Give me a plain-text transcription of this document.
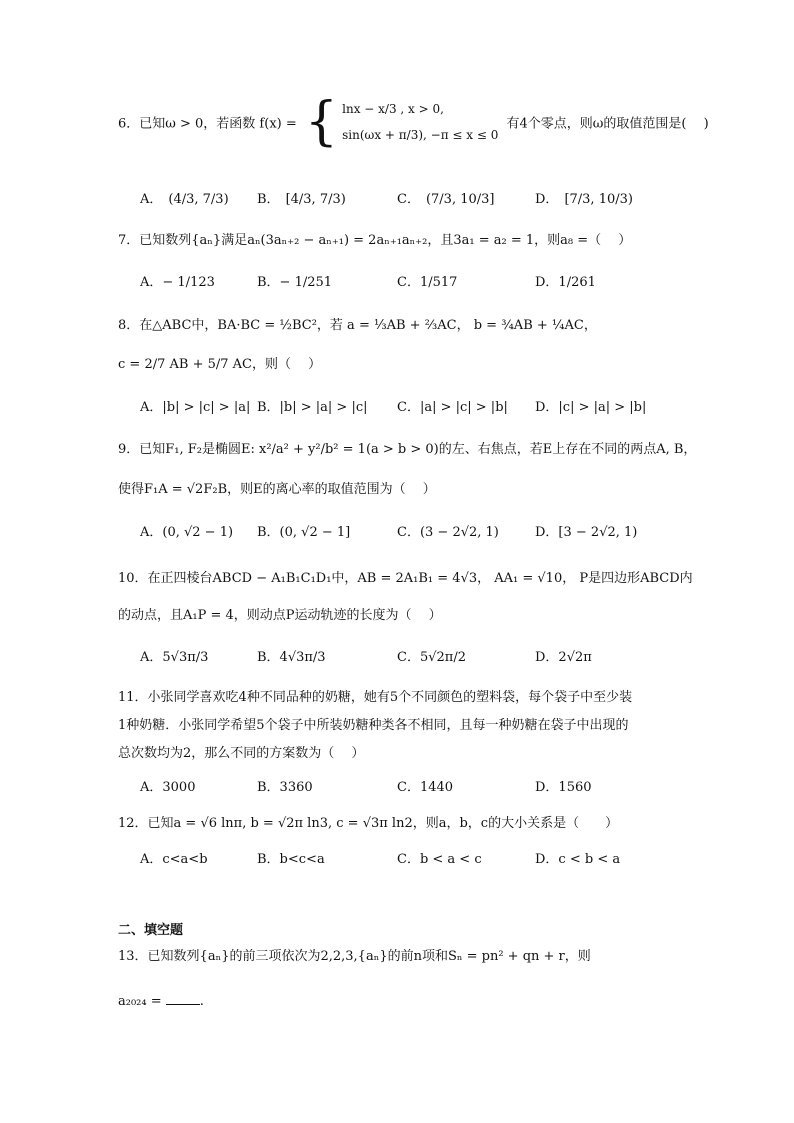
6．已知ω > 0，若函数 f(x) = { lnx − x/3 , x > 0,
sin(ωx + π/3), −π ≤ x ≤ 0
有4个零点，则ω的取值范围是(　 )
A． (4/3, 7/3) B． [4/3, 7/3)	C． (7/3, 10/3]	D． [7/3, 10/3)
7．已知数列{aₙ}满足aₙ(3aₙ₊₂ − aₙ₊₁) = 2aₙ₊₁aₙ₊₂，且3a₁ = a₂ = 1，则a₈ =（　 ）
A．− 1/123	B．− 1/251	C．1/517	D．1/261
8．在△ABC中，BA·BC = ½BC²，若 a = ⅓AB + ⅔AC， b = ¾AB + ¼AC，
c = 2/7 AB + 5/7 AC，则（　 ）
A．|b| > |c| > |a| B．|b| > |a| > |c| C．|a| > |c| > |b| D．|c| > |a| > |b|
9．已知F₁, F₂是椭圆E: x²/a² + y²/b² = 1(a > b > 0)的左、右焦点，若E上存在不同的两点A, B，
使得F₁A = √2F₂B，则E的离心率的取值范围为（　 ）
A．(0, √2 − 1) B．(0, √2 − 1]	C．(3 − 2√2, 1)	D．[3 − 2√2, 1)
10．在正四棱台ABCD − A₁B₁C₁D₁中，AB = 2A₁B₁ = 4√3， AA₁ = √10， P是四边形ABCD内
的动点，且A₁P = 4，则动点P运动轨迹的长度为（　 ）
A．5√3π/3	B．4√3π/3	C．5√2π/2	D．2√2π
11．小张同学喜欢吃4种不同品种的奶糖，她有5个不同颜色的塑料袋，每个袋子中至少装
1种奶糖．小张同学希望5个袋子中所装奶糖种类各不相同，且每一种奶糖在袋子中出现的
总次数均为2，那么不同的方案数为（　 ）
A．3000	B．3360	C．1440	D．1560
12．已知a = √6 lnπ, b = √2π ln3, c = √3π ln2，则a，b，c的大小关系是（　　）
A．c<a<b	B．b<c<a	C．b < a < c	D．c < b < a
二、填空题
13．已知数列{aₙ}的前三项依次为2,2,3,{aₙ}的前n项和Sₙ = pn² + qn + r，则
a₂₀₂₄ =	.
